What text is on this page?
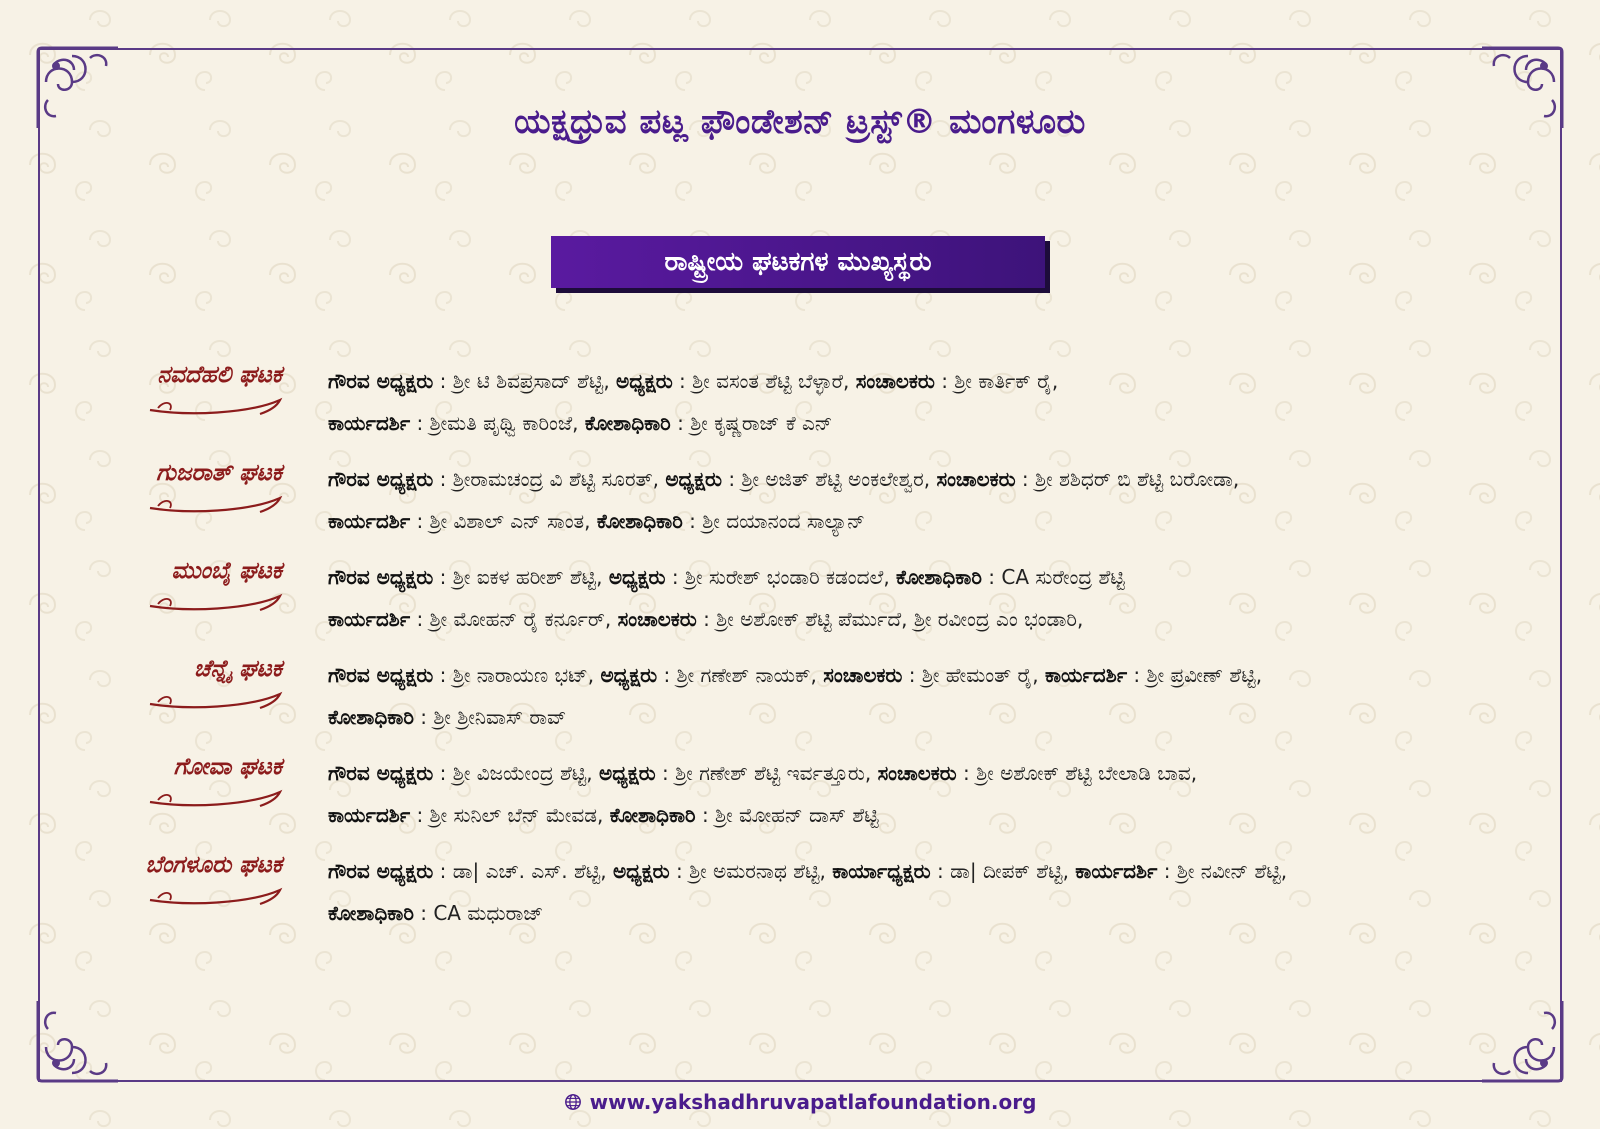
ಯಕ್ಷಧ್ರುವ ಪಟ್ಲ ಫೌಂಡೇಶನ್ ಟ್ರಸ್ಟ್® ಮಂಗಳೂರು
ರಾಷ್ಟ್ರೀಯ ಘಟಕಗಳ ಮುಖ್ಯಸ್ಥರು
ನವದೆಹಲಿ ಘಟಕ ಗೌರವ ಅಧ್ಯಕ್ಷರು : ಶ್ರೀ ಟಿ ಶಿವಪ್ರಸಾದ್ ಶೆಟ್ಟಿ, ಅಧ್ಯಕ್ಷರು : ಶ್ರೀ ವಸಂತ ಶೆಟ್ಟಿ ಬೆಳ್ಳಾರೆ, ಸಂಚಾಲಕರು : ಶ್ರೀ ಕಾರ್ತಿಕ್ ರೈ,
ಕಾರ್ಯದರ್ಶಿ : ಶ್ರೀಮತಿ ಪೃಥ್ವಿ ಕಾರಿಂಜೆ, ಕೋಶಾಧಿಕಾರಿ : ಶ್ರೀ ಕೃಷ್ಣರಾಜ್ ಕೆ ಎನ್
ಗುಜರಾತ್ ಘಟಕ ಗೌರವ ಅಧ್ಯಕ್ಷರು : ಶ್ರೀರಾಮಚಂದ್ರ ವಿ ಶೆಟ್ಟಿ ಸೂರತ್, ಅಧ್ಯಕ್ಷರು : ಶ್ರೀ ಅಜಿತ್ ಶೆಟ್ಟಿ ಅಂಕಲೇಶ್ವರ, ಸಂಚಾಲಕರು : ಶ್ರೀ ಶಶಿಧರ್ ಬಿ ಶೆಟ್ಟಿ ಬರೋಡಾ,
ಕಾರ್ಯದರ್ಶಿ : ಶ್ರೀ ವಿಶಾಲ್ ಎನ್ ಸಾಂತ, ಕೋಶಾಧಿಕಾರಿ : ಶ್ರೀ ದಯಾನಂದ ಸಾಲ್ಯಾನ್
ಮುಂಬೈ ಘಟಕ ಗೌರವ ಅಧ್ಯಕ್ಷರು : ಶ್ರೀ ಐಕಳ ಹರೀಶ್ ಶೆಟ್ಟಿ, ಅಧ್ಯಕ್ಷರು : ಶ್ರೀ ಸುರೇಶ್ ಭಂಡಾರಿ ಕಡಂದಲೆ, ಕೋಶಾಧಿಕಾರಿ : CA ಸುರೇಂದ್ರ ಶೆಟ್ಟಿ
ಕಾರ್ಯದರ್ಶಿ : ಶ್ರೀ ಮೋಹನ್ ರೈ ಕರ್ನೂರ್, ಸಂಚಾಲಕರು : ಶ್ರೀ ಅಶೋಕ್ ಶೆಟ್ಟಿ ಪೆರ್ಮುದೆ, ಶ್ರೀ ರವೀಂದ್ರ ಎಂ ಭಂಡಾರಿ,
ಚೆನ್ನೈ ಘಟಕ ಗೌರವ ಅಧ್ಯಕ್ಷರು : ಶ್ರೀ ನಾರಾಯಣ ಭಟ್, ಅಧ್ಯಕ್ಷರು : ಶ್ರೀ ಗಣೇಶ್ ನಾಯಕ್, ಸಂಚಾಲಕರು : ಶ್ರೀ ಹೇಮಂತ್ ರೈ, ಕಾರ್ಯದರ್ಶಿ : ಶ್ರೀ ಪ್ರವೀಣ್ ಶೆಟ್ಟಿ,
ಕೋಶಾಧಿಕಾರಿ : ಶ್ರೀ ಶ್ರೀನಿವಾಸ್ ರಾವ್
ಗೋವಾ ಘಟಕ ಗೌರವ ಅಧ್ಯಕ್ಷರು : ಶ್ರೀ ವಿಜಯೇಂದ್ರ ಶೆಟ್ಟಿ, ಅಧ್ಯಕ್ಷರು : ಶ್ರೀ ಗಣೇಶ್ ಶೆಟ್ಟಿ ಇರ್ವತ್ತೂರು, ಸಂಚಾಲಕರು : ಶ್ರೀ ಅಶೋಕ್ ಶೆಟ್ಟಿ ಬೇಲಾಡಿ ಬಾವ,
ಕಾರ್ಯದರ್ಶಿ : ಶ್ರೀ ಸುನಿಲ್ ಬೆನ್ ಮೇವಡ, ಕೋಶಾಧಿಕಾರಿ : ಶ್ರೀ ಮೋಹನ್ ದಾಸ್ ಶೆಟ್ಟಿ
ಬೆಂಗಳೂರು ಘಟಕ ಗೌರವ ಅಧ್ಯಕ್ಷರು : ಡಾ| ಎಚ್. ಎಸ್. ಶೆಟ್ಟಿ, ಅಧ್ಯಕ್ಷರು : ಶ್ರೀ ಅಮರನಾಥ ಶೆಟ್ಟಿ, ಕಾರ್ಯಾಧ್ಯಕ್ಷರು : ಡಾ| ದೀಪಕ್ ಶೆಟ್ಟಿ, ಕಾರ್ಯದರ್ಶಿ : ಶ್ರೀ ನವೀನ್ ಶೆಟ್ಟಿ,
ಕೋಶಾಧಿಕಾರಿ : CA ಮಧುರಾಜ್
www.yakshadhruvapatlafoundation.org
